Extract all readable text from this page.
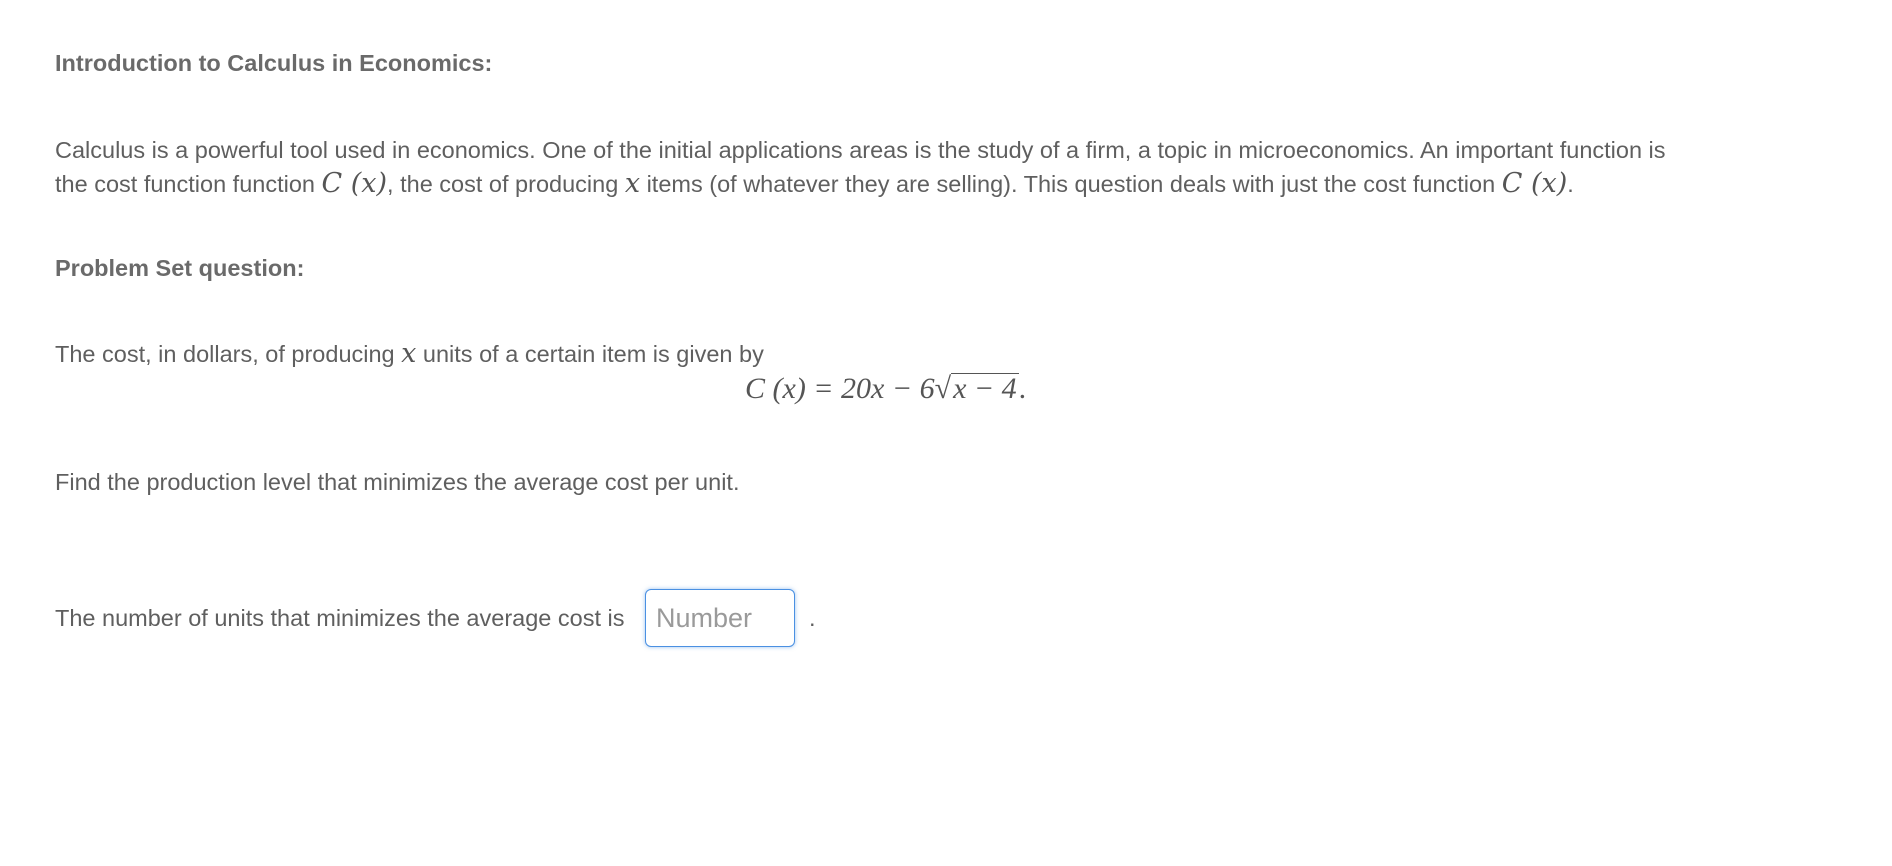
Introduction to Calculus in Economics:
Calculus is a powerful tool used in economics. One of the initial applications areas is the study of a firm, a topic in microeconomics. An important function is
the cost function function C (x), the cost of producing x items (of whatever they are selling). This question deals with just the cost function C (x).
Problem Set question:
The cost, in dollars, of producing x units of a certain item is given by
C (x) = 20x − 6√x − 4.
Find the production level that minimizes the average cost per unit.
The number of units that minimizes the average cost is
Number	.
